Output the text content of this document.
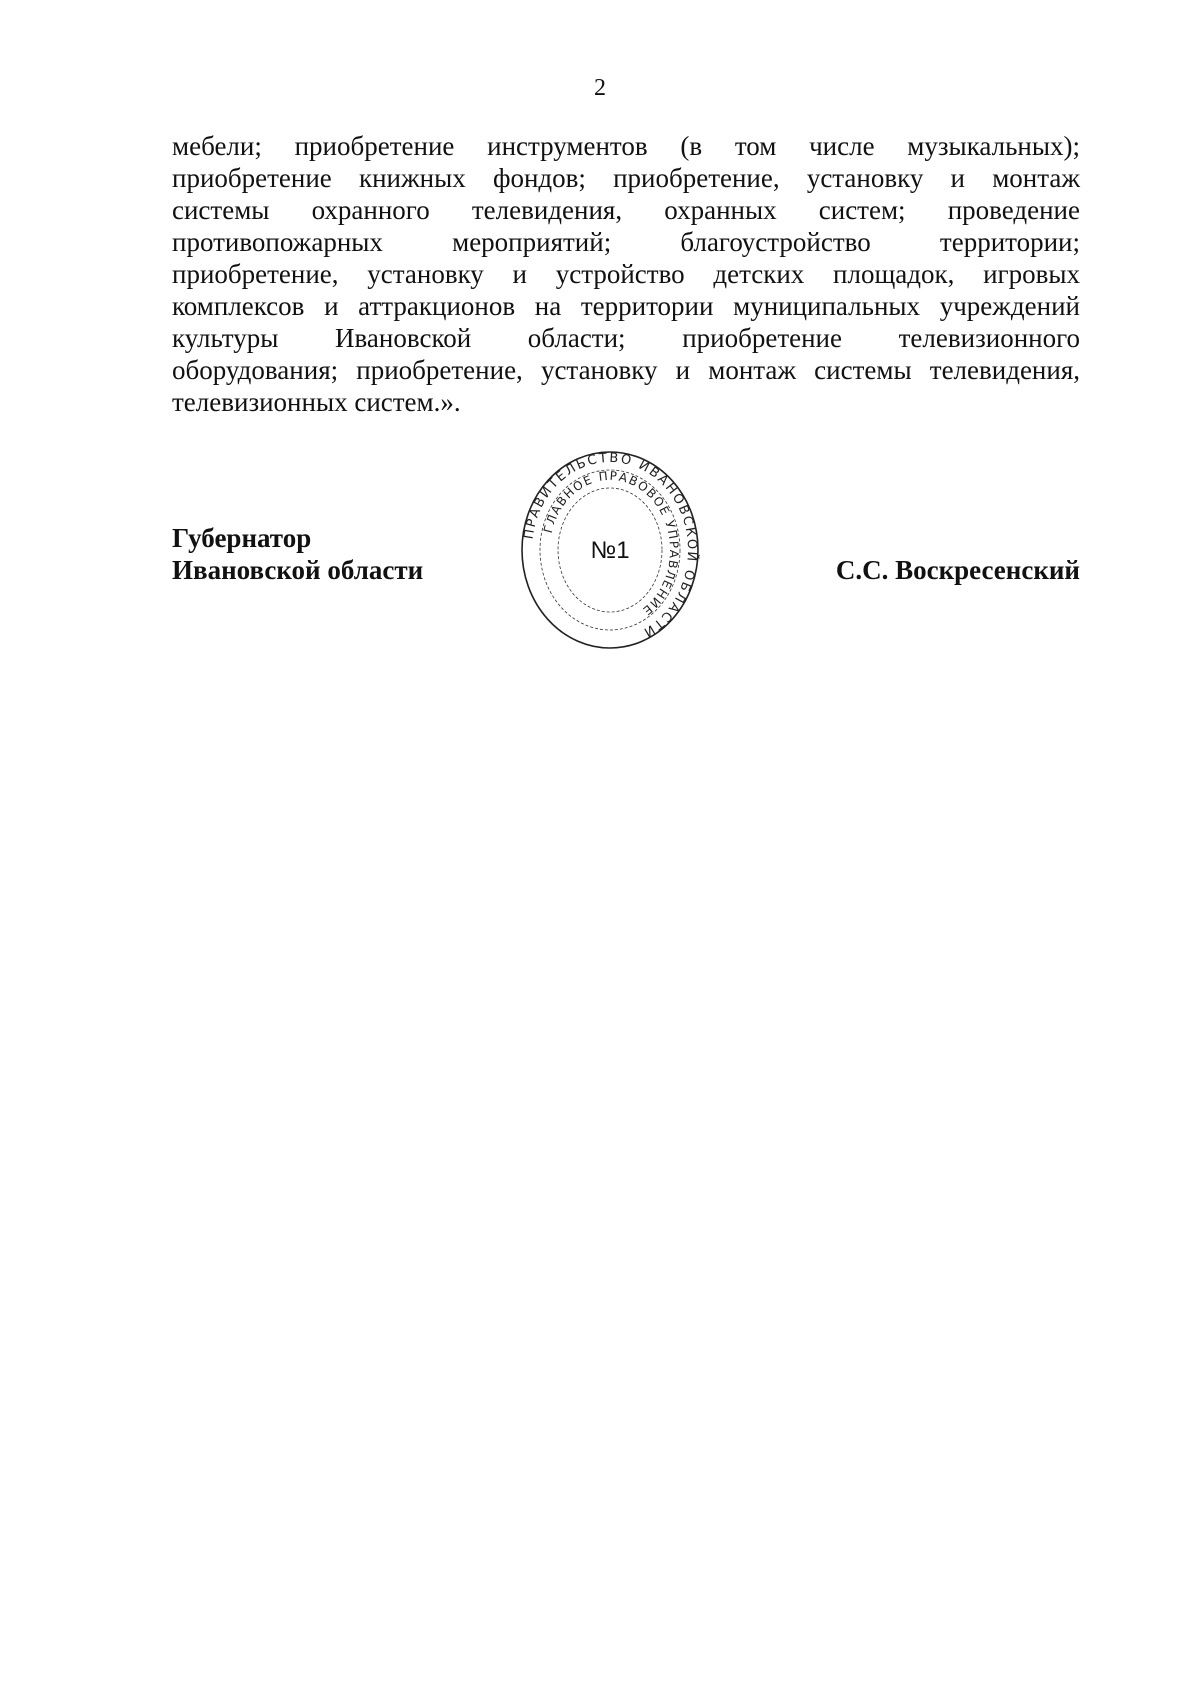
2
мебели; приобретение инструментов (в том числе музыкальных);
приобретение книжных фондов; приобретение, установку и монтаж
системы охранного телевидения, охранных систем; проведение
противопожарных мероприятий; благоустройство территории;
приобретение, установку и устройство детских площадок, игровых
комплексов и аттракционов на территории муниципальных учреждений
культуры Ивановской области; приобретение телевизионного
оборудования; приобретение, установку и монтаж системы телевидения,
телевизионных систем.».
Губернатор
Ивановской области
ПРАВИТЕЛЬСТВО ИВАНОВСКОЙ ОБЛАСТИ
ГЛАВНОЕ ПРАВОВОЕ УПРАВЛЕНИЕ
№1
С.С. Воскресенский
